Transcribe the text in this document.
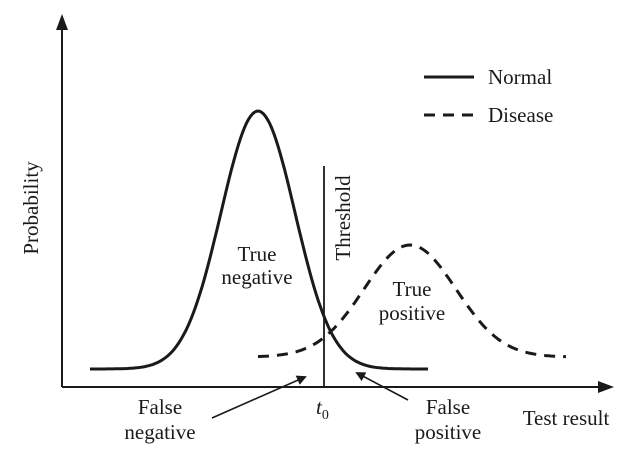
Probability	Threshold
$t_0$
Normal
Disease
True
negative	True
positive
False
negative
False
positive
Test result
